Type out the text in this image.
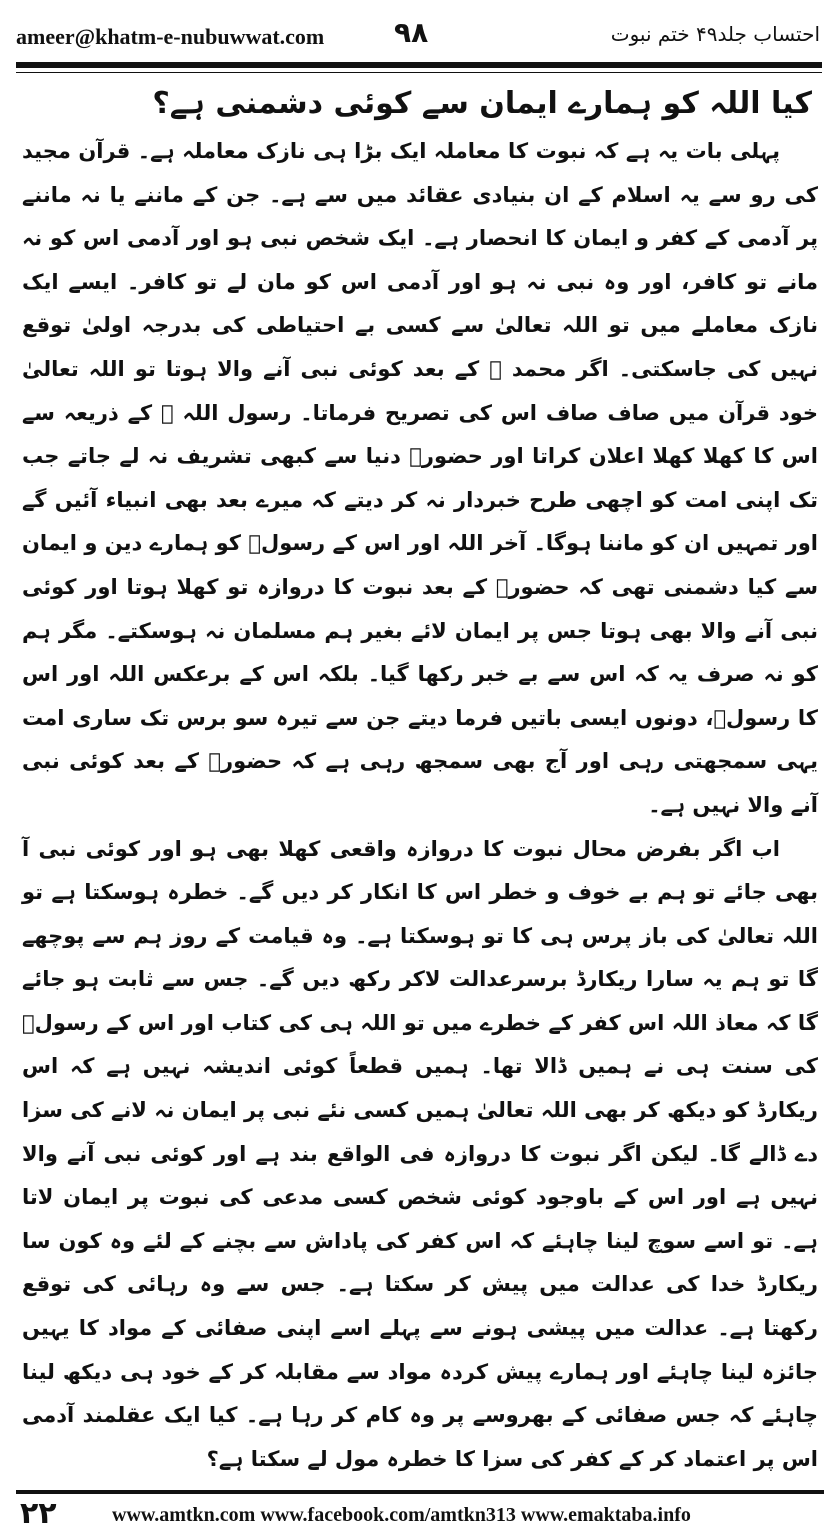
ameer@khatm-e-nubuwwat.com ۹۸	احتساب جلد۴۹ ختم نبوت
کیا اللہ کو ہمارے ایمان سے کوئی دشمنی ہے؟

پہلی بات یہ ہے کہ نبوت کا معاملہ ایک بڑا ہی نازک معاملہ ہے۔ قرآن مجید کی رو سے یہ اسلام کے ان بنیادی عقائد میں سے ہے۔ جن کے ماننے یا نہ ماننے پر آدمی کے کفر و ایمان کا انحصار ہے۔ ایک شخص نبی ہو اور آدمی اس کو نہ مانے تو کافر، اور وہ نبی نہ ہو اور آدمی اس کو مان لے تو کافر۔ ایسے ایک نازک معاملے میں تو اللہ تعالیٰ سے کسی بے احتیاطی کی بدرجہ اولیٰ توقع نہیں کی جاسکتی۔ اگر محمد ﷺ کے بعد کوئی نبی آنے والا ہوتا تو اللہ تعالیٰ خود قرآن میں صاف صاف اس کی تصریح فرماتا۔ رسول اللہ ﷺ کے ذریعہ سے اس کا کھلا کھلا اعلان کراتا اور حضورؐ دنیا سے کبھی تشریف نہ لے جاتے جب تک اپنی امت کو اچھی طرح خبردار نہ کر دیتے کہ میرے بعد بھی انبیاء آئیں گے اور تمہیں ان کو ماننا ہوگا۔ آخر اللہ اور اس کے رسولؐ کو ہمارے دین و ایمان سے کیا دشمنی تھی کہ حضورؐ کے بعد نبوت کا دروازہ تو کھلا ہوتا اور کوئی نبی آنے والا بھی ہوتا جس پر ایمان لائے بغیر ہم مسلمان نہ ہوسکتے۔ مگر ہم کو نہ صرف یہ کہ اس سے بے خبر رکھا گیا۔ بلکہ اس کے برعکس اللہ اور اس کا رسولؐ، دونوں ایسی باتیں فرما دیتے جن سے تیرہ سو برس تک ساری امت یہی سمجھتی رہی اور آج بھی سمجھ رہی ہے کہ حضورؐ کے بعد کوئی نبی آنے والا نہیں ہے۔

اب اگر بفرض محال نبوت کا دروازہ واقعی کھلا بھی ہو اور کوئی نبی آ بھی جائے تو ہم بے خوف و خطر اس کا انکار کر دیں گے۔ خطرہ ہوسکتا ہے تو اللہ تعالیٰ کی باز پرس ہی کا تو ہوسکتا ہے۔ وہ قیامت کے روز ہم سے پوچھے گا تو ہم یہ سارا ریکارڈ برسرعدالت لاکر رکھ دیں گے۔ جس سے ثابت ہو جائے گا کہ معاذ اللہ اس کفر کے خطرے میں تو اللہ ہی کی کتاب اور اس کے رسولؐ کی سنت ہی نے ہمیں ڈالا تھا۔ ہمیں قطعاً کوئی اندیشہ نہیں ہے کہ اس ریکارڈ کو دیکھ کر بھی اللہ تعالیٰ ہمیں کسی نئے نبی پر ایمان نہ لانے کی سزا دے ڈالے گا۔ لیکن اگر نبوت کا دروازہ فی الواقع بند ہے اور کوئی نبی آنے والا نہیں ہے اور اس کے باوجود کوئی شخص کسی مدعی کی نبوت پر ایمان لاتا ہے۔ تو اسے سوچ لینا چاہئے کہ اس کفر کی پاداش سے بچنے کے لئے وہ کون سا ریکارڈ خدا کی عدالت میں پیش کر سکتا ہے۔ جس سے وہ رہائی کی توقع رکھتا ہے۔ عدالت میں پیشی ہونے سے پہلے اسے اپنی صفائی کے مواد کا یہیں جائزہ لینا چاہئے اور ہمارے پیش کردہ مواد سے مقابلہ کر کے خود ہی دیکھ لینا چاہئے کہ جس صفائی کے بھروسے پر وہ کام کر رہا ہے۔ کیا ایک عقلمند آدمی اس پر اعتماد کر کے کفر کی سزا کا خطرہ مول لے سکتا ہے؟

۲۲	www.amtkn.com www.facebook.com/amtkn313 www.emaktaba.info
